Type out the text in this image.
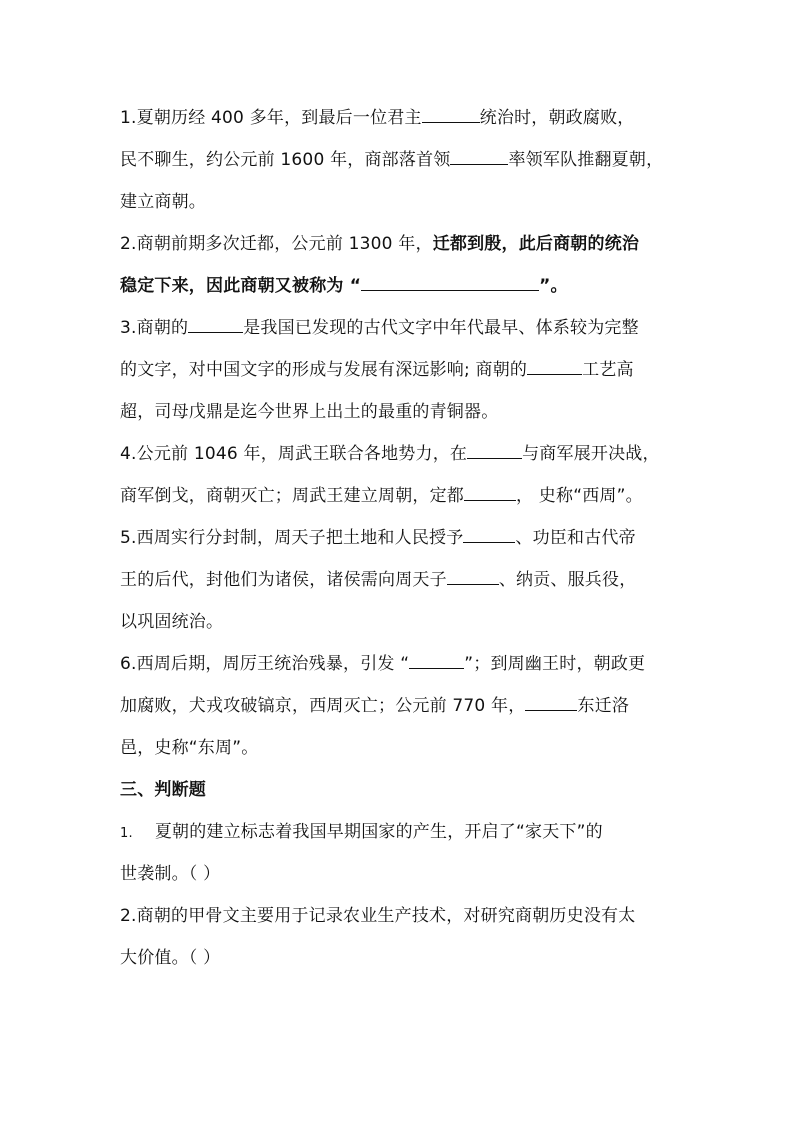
1.夏朝历经 400 多年，到最后一位君主	统治时，朝政腐败，
民不聊生，约公元前 1600 年，商部落首领	率领军队推翻夏朝，
建立商朝。
2.商朝前期多次迁都，公元前 1300 年，迁都到殷，此后商朝的统治
稳定下来，因此商朝又被称为 “	”。
3.商朝的	是我国已发现的古代文字中年代最早、体系较为完整
的文字，对中国文字的形成与发展有深远影响; 商朝的	工艺高
超，司母戊鼎是迄今世界上出土的最重的青铜器。
4.公元前 1046 年，周武王联合各地势力，在	与商军展开决战，
商军倒戈，商朝灭亡；周武王建立周朝，定都	， 史称“西周”。
5.西周实行分封制，周天子把土地和人民授予	、功臣和古代帝
王的后代，封他们为诸侯，诸侯需向周天子	、纳贡、服兵役，
以巩固统治。
6.西周后期，周厉王统治残暴，引发 “	”；到周幽王时，朝政更
加腐败，犬戎攻破镐京，西周灭亡；公元前 770 年，	东迁洛
邑，史称“东周”。
三、判断题
1. 夏朝的建立标志着我国早期国家的产生，开启了“家天下”的
世袭制。（ ）
2.商朝的甲骨文主要用于记录农业生产技术，对研究商朝历史没有太
大价值。（ ）
